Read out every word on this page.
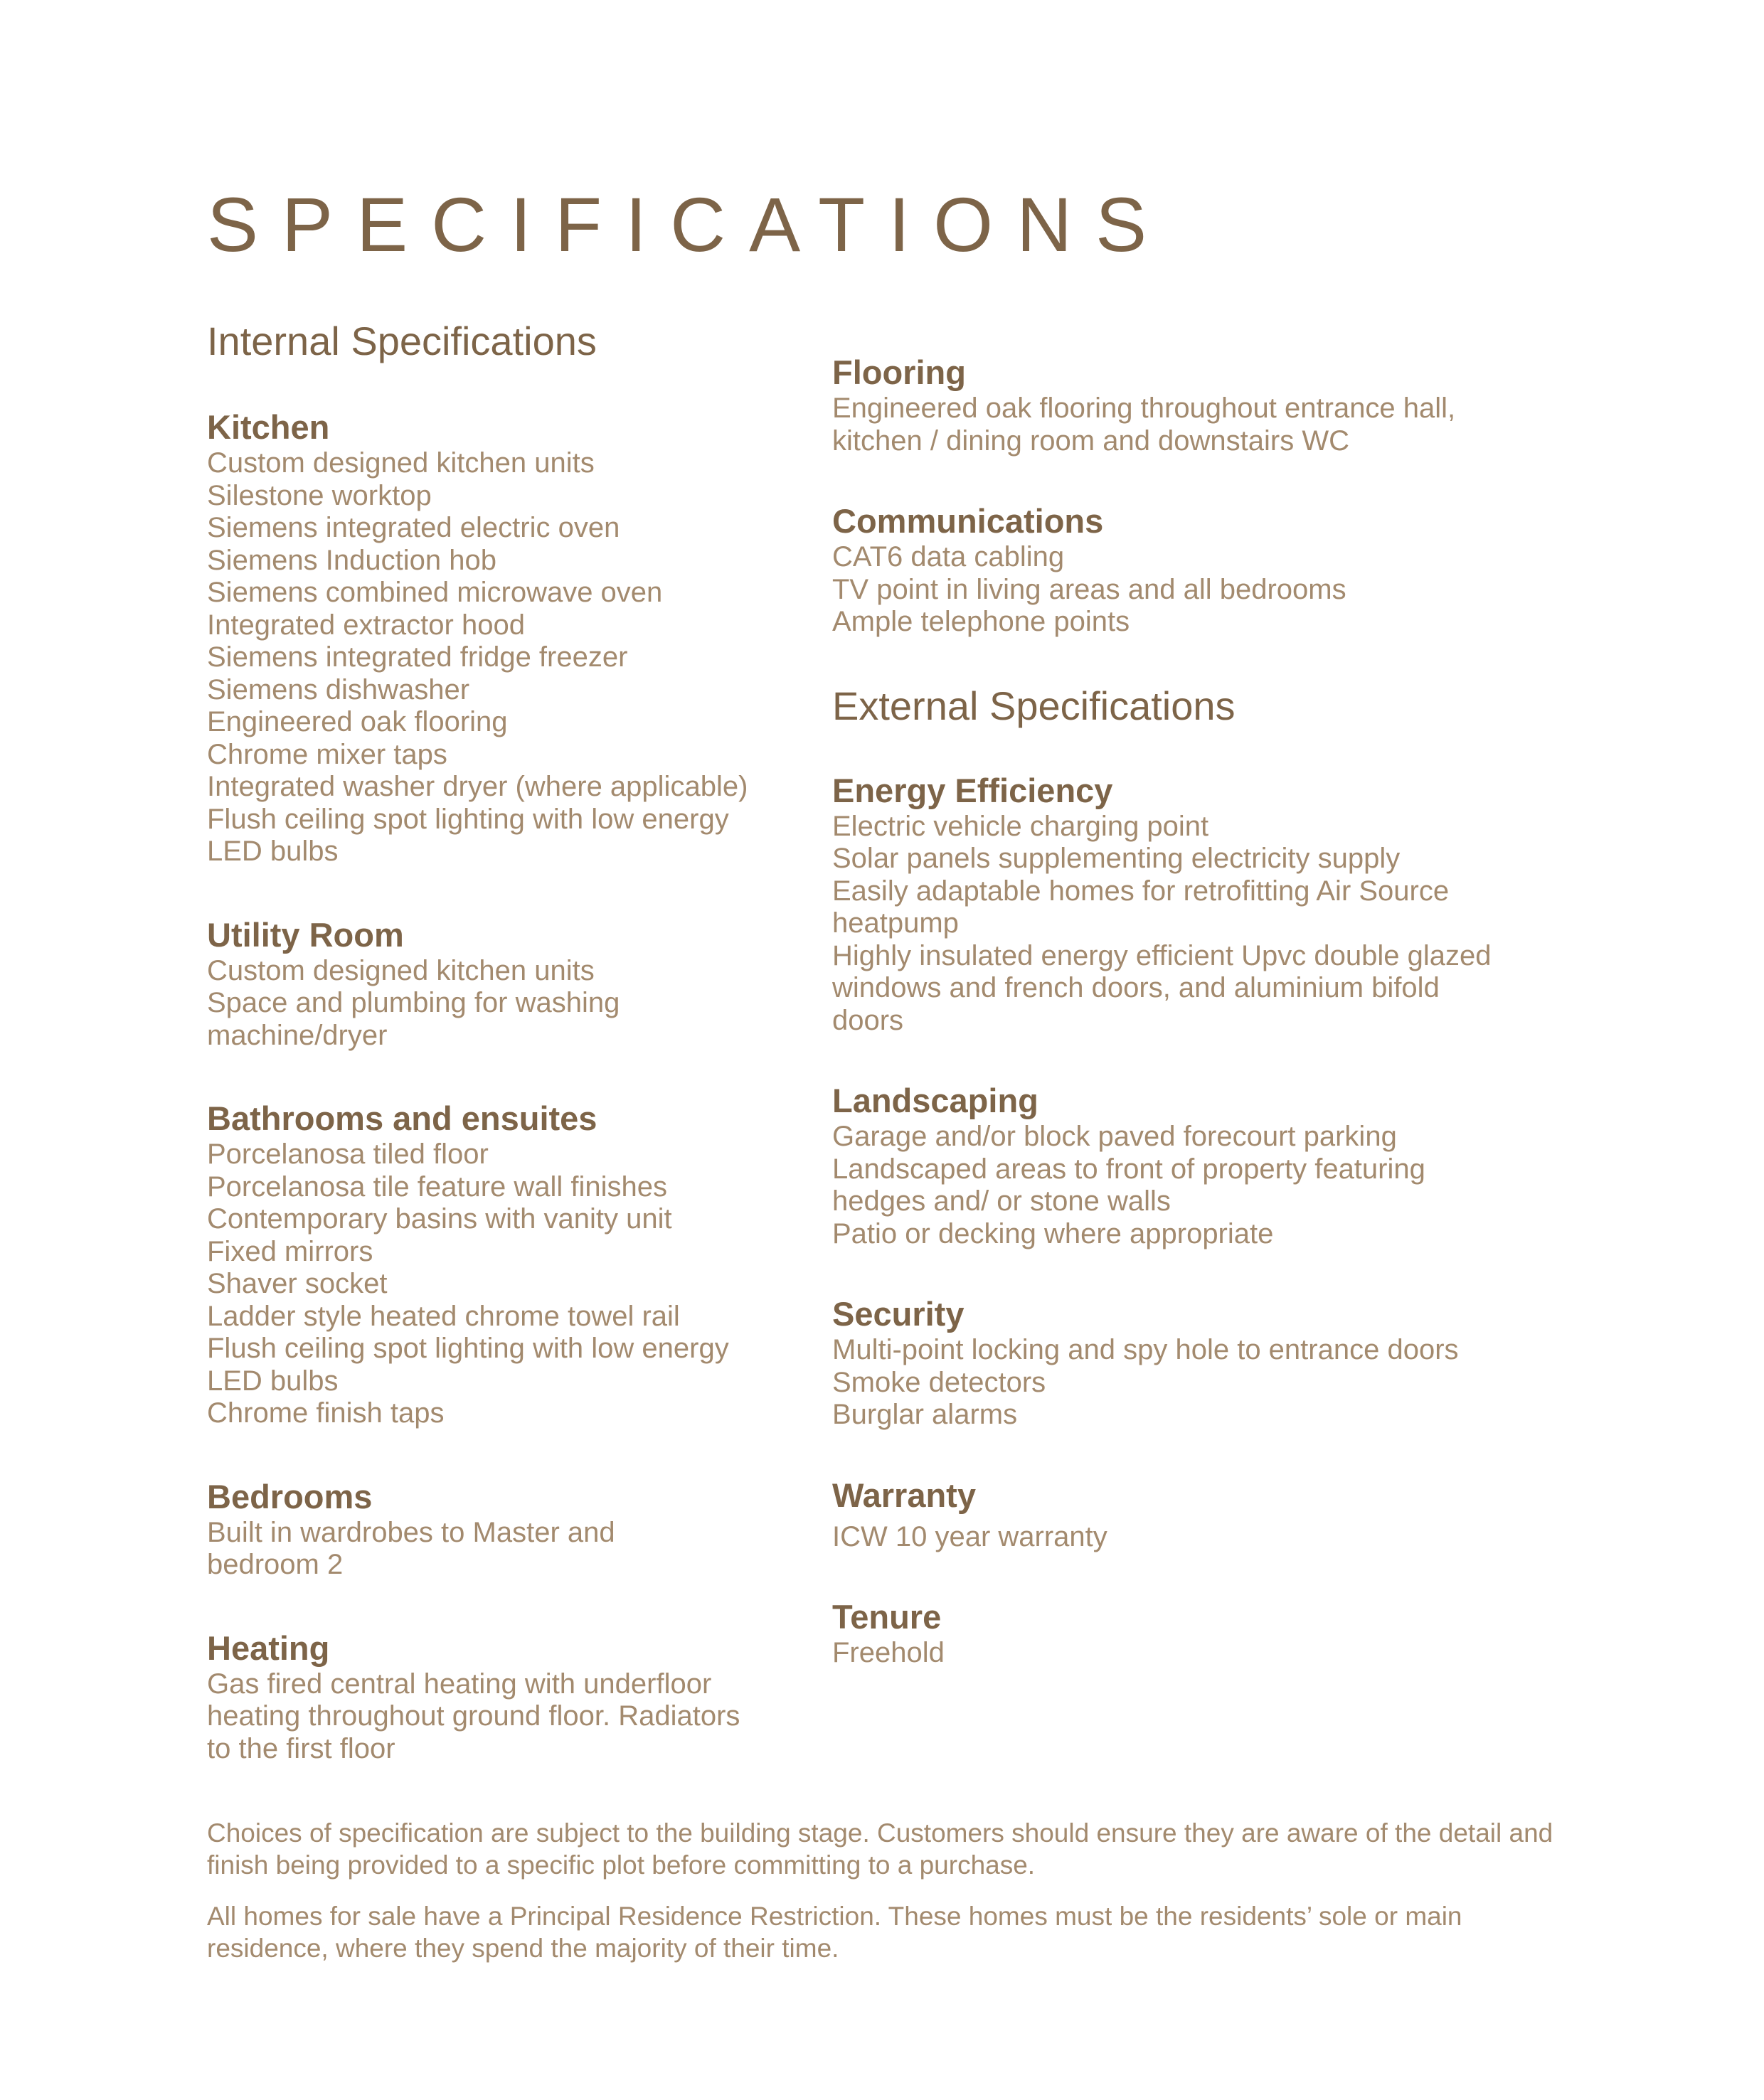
SPECIFICATIONS
Internal Specifications
Kitchen
Custom designed kitchen units
Silestone worktop
Siemens integrated electric oven
Siemens Induction hob
Siemens combined microwave oven
Integrated extractor hood
Siemens integrated fridge freezer
Siemens dishwasher
Engineered oak flooring
Chrome mixer taps
Integrated washer dryer (where applicable)
Flush ceiling spot lighting with low energy
LED bulbs
Utility Room
Custom designed kitchen units
Space and plumbing for washing
machine/dryer
Bathrooms and ensuites
Porcelanosa tiled floor
Porcelanosa tile feature wall finishes
Contemporary basins with vanity unit
Fixed mirrors
Shaver socket
Ladder style heated chrome towel rail
Flush ceiling spot lighting with low energy
LED bulbs
Chrome finish taps
Bedrooms
Built in wardrobes to Master and
bedroom 2
Heating
Gas fired central heating with underfloor
heating throughout ground floor. Radiators
to the first floor
Flooring
Engineered oak flooring throughout entrance hall,
kitchen / dining room and downstairs WC
Communications
CAT6 data cabling
TV point in living areas and all bedrooms
Ample telephone points
External Specifications
Energy Efficiency
Electric vehicle charging point
Solar panels supplementing electricity supply
Easily adaptable homes for retrofitting Air Source
heatpump
Highly insulated energy efficient Upvc double glazed
windows and french doors, and aluminium bifold
doors
Landscaping
Garage and/or block paved forecourt parking
Landscaped areas to front of property featuring
hedges and/ or stone walls
Patio or decking where appropriate
Security
Multi-point locking and spy hole to entrance doors
Smoke detectors
Burglar alarms
Warranty
ICW 10 year warranty
Tenure
Freehold

Choices of specification are subject to the building stage. Customers should ensure they are aware of the detail and finish being provided to a specific plot before committing to a purchase.

All homes for sale have a Principal Residence Restriction. These homes must be the residents’ sole or main residence, where they spend the majority of their time.
